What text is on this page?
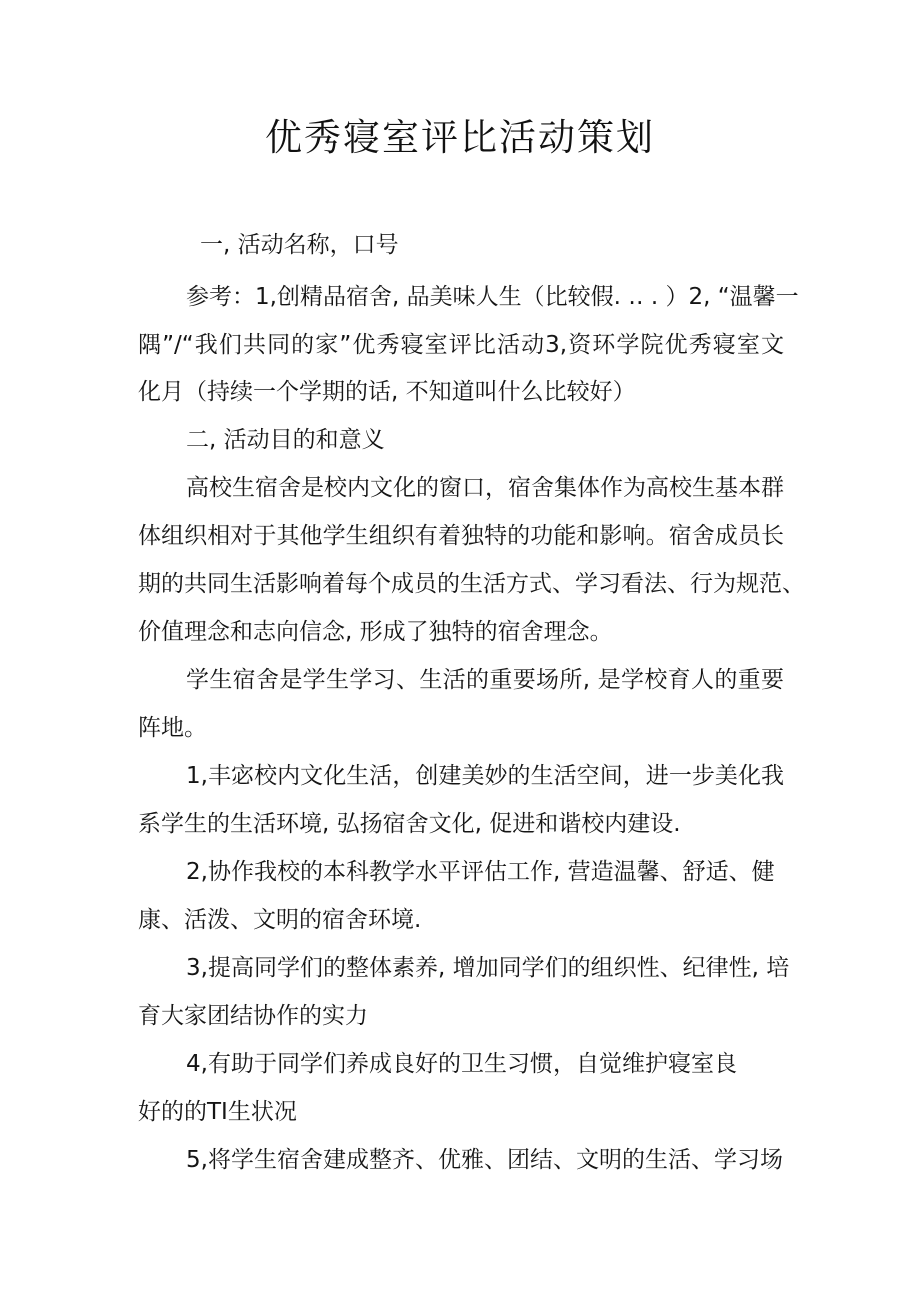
优秀寝室评比活动策划
一, 活动名称，口号
参考：1,创精品宿舍, 品美味人生（比较假. ‥ . ）2, “温馨一
隅”/“我们共同的家”优秀寝室评比活动3,资环学院优秀寝室文
化月（持续一个学期的话, 不知道叫什么比较好）
二, 活动目的和意义
高校生宿舍是校内文化的窗口，宿舍集体作为高校生基本群
体组织相对于其他学生组织有着独特的功能和影响。宿舍成员长
期的共同生活影响着每个成员的生活方式、学习看法、行为规范、
价值理念和志向信念, 形成了独特的宿舍理念。
学生宿舍是学生学习、生活的重要场所, 是学校育人的重要
阵地。
1,丰宓校内文化生活，创建美妙的生活空间，进一步美化我
系学生的生活环境, 弘扬宿舍文化, 促进和谐校内建设.
2,协作我校的本科教学水平评估工作, 营造温馨、舒适、健
康、活泼、文明的宿舍环境.
3,提高同学们的整体素养, 增加同学们的组织性、纪律性, 培
育大家团结协作的实力
4,有助于同学们养成良好的卫生习惯，自觉维护寝室良
好的的TI生状况
5,将学生宿舍建成整齐、优雅、团结、文明的生活、学习场
